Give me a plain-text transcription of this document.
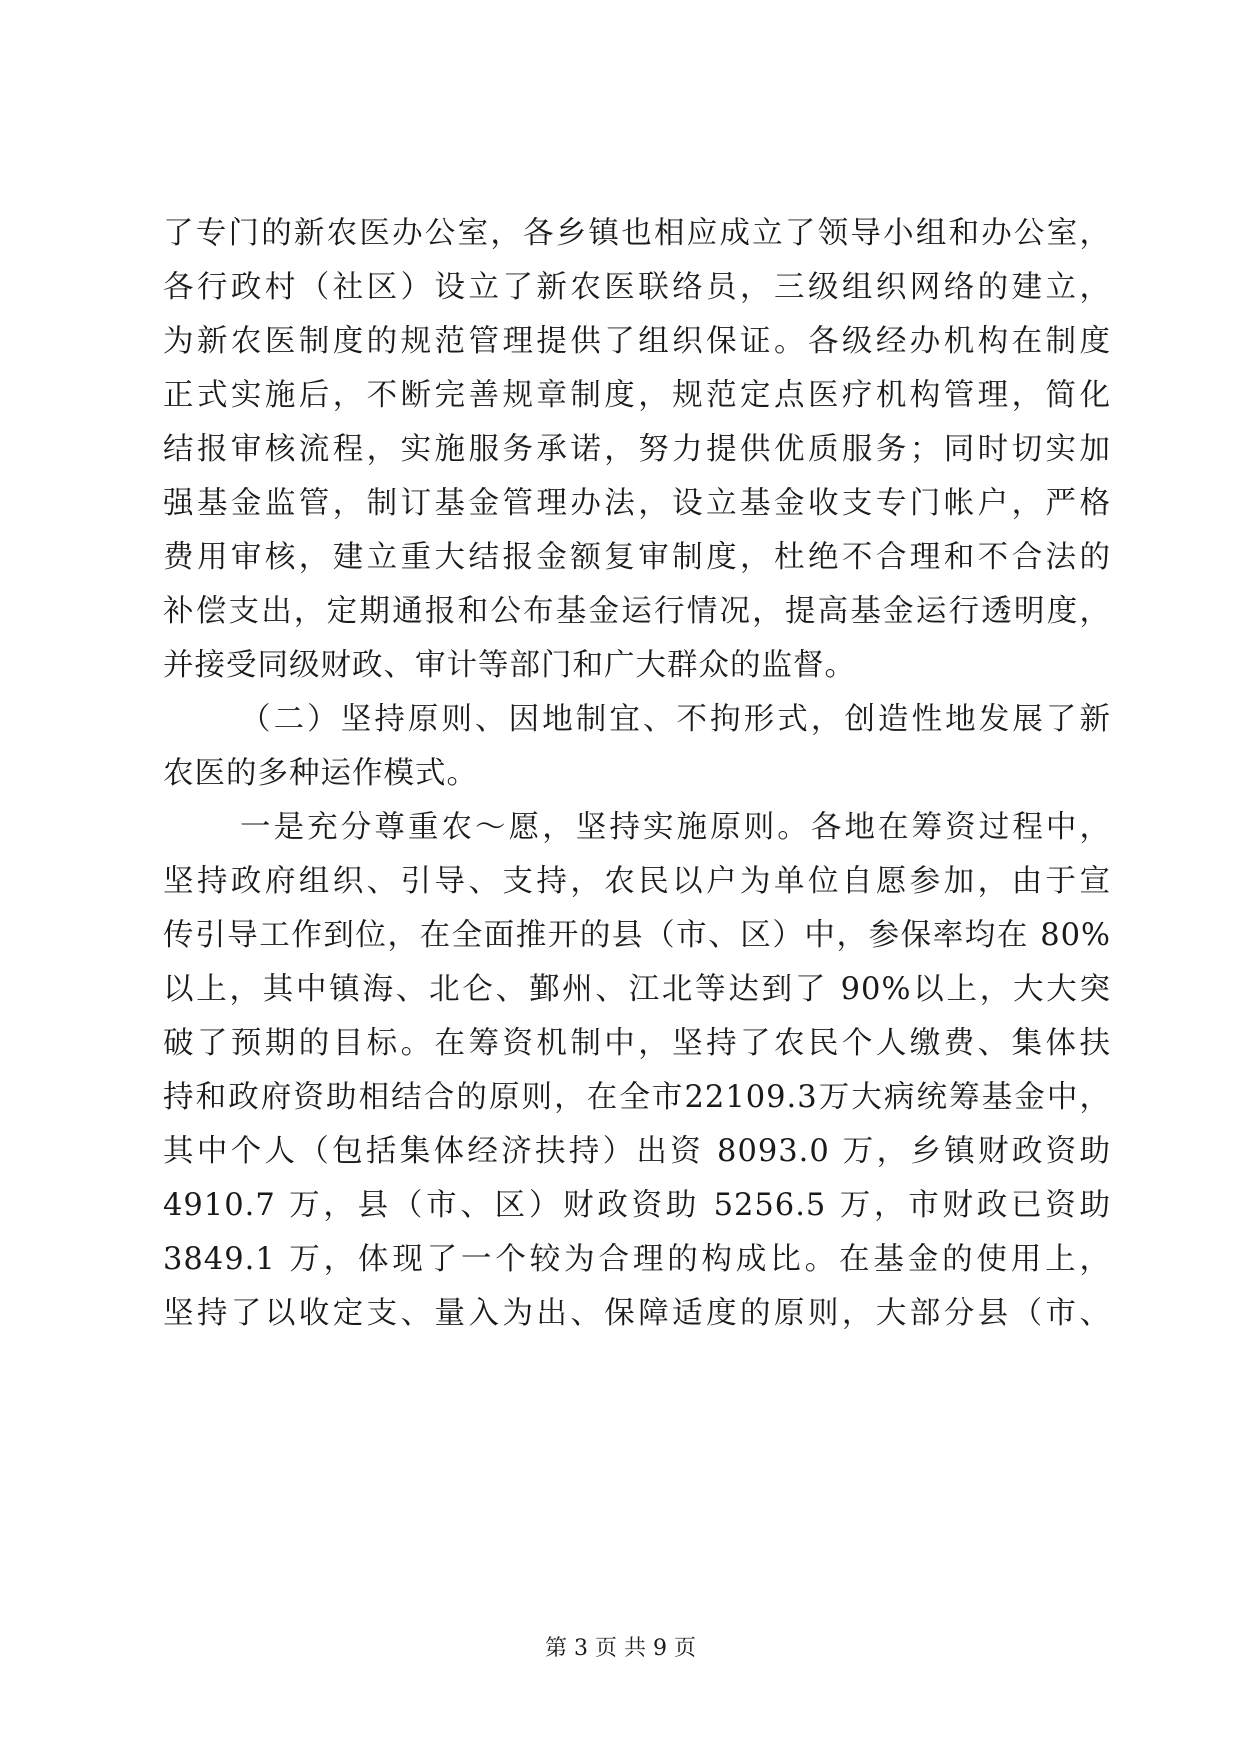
了专门的新农医办公室，各乡镇也相应成立了领导小组和办公室，
各行政村（社区）设立了新农医联络员，三级组织网络的建立，
为新农医制度的规范管理提供了组织保证。各级经办机构在制度
正式实施后，不断完善规章制度，规范定点医疗机构管理，简化
结报审核流程，实施服务承诺，努力提供优质服务；同时切实加
强基金监管，制订基金管理办法，设立基金收支专门帐户，严格
费用审核，建立重大结报金额复审制度，杜绝不合理和不合法的
补偿支出，定期通报和公布基金运行情况，提高基金运行透明度，
并接受同级财政、审计等部门和广大群众的监督。
（二）坚持原则、因地制宜、不拘形式，创造性地发展了新
农医的多种运作模式。
一是充分尊重农～愿，坚持实施原则。各地在筹资过程中，
坚持政府组织、引导、支持，农民以户为单位自愿参加，由于宣
传引导工作到位，在全面推开的县（市、区）中，参保率均在 80%
以上，其中镇海、北仑、鄞州、江北等达到了 90%以上，大大突
破了预期的目标。在筹资机制中，坚持了农民个人缴费、集体扶
持和政府资助相结合的原则，在全市22109.3万大病统筹基金中，
其中个人（包括集体经济扶持）出资 8093.0 万，乡镇财政资助
4910.7 万，县（市、区）财政资助 5256.5 万，市财政已资助
3849.1 万，体现了一个较为合理的构成比。在基金的使用上，
坚持了以收定支、量入为出、保障适度的原则，大部分县（市、
第 3 页 共 9 页
